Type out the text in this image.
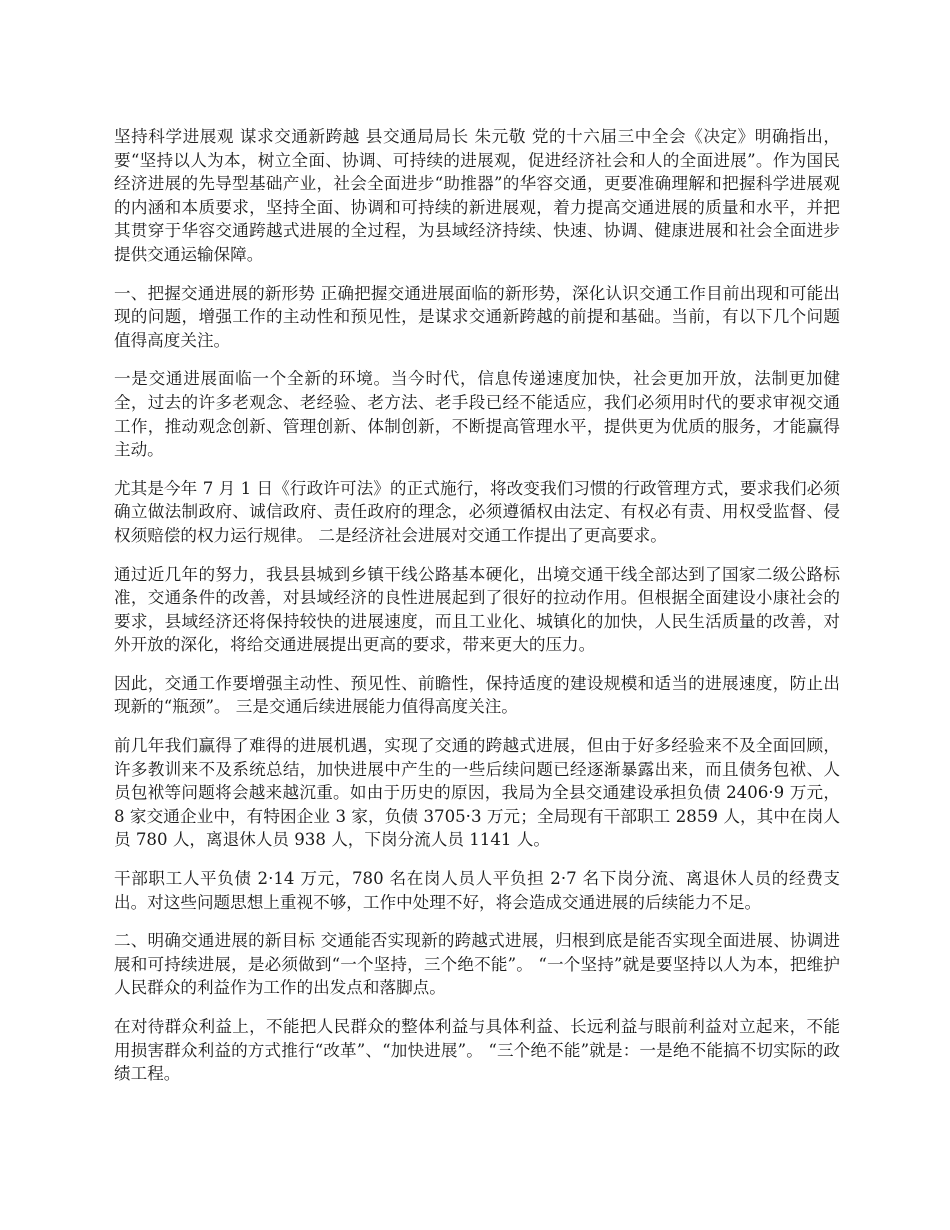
坚持科学进展观 谋求交通新跨越 县交通局局长 朱元敬 党的十六届三中全会《决定》明确指出，要“坚持以人为本，树立全面、协调、可持续的进展观，促进经济社会和人的全面进展”。作为国民经济进展的先导型基础产业，社会全面进步“助推器”的华容交通，更要准确理解和把握科学进展观的内涵和本质要求，坚持全面、协调和可持续的新进展观，着力提高交通进展的质量和水平，并把其贯穿于华容交通跨越式进展的全过程，为县域经济持续、快速、协调、健康进展和社会全面进步提供交通运输保障。

一、把握交通进展的新形势 正确把握交通进展面临的新形势，深化认识交通工作目前出现和可能出现的问题，增强工作的主动性和预见性，是谋求交通新跨越的前提和基础。当前，有以下几个问题值得高度关注。

一是交通进展面临一个全新的环境。当今时代，信息传递速度加快，社会更加开放，法制更加健全，过去的许多老观念、老经验、老方法、老手段已经不能适应，我们必须用时代的要求审视交通工作，推动观念创新、管理创新、体制创新，不断提高管理水平，提供更为优质的服务，才能赢得主动。

尤其是今年 7 月 1 日《行政许可法》的正式施行，将改变我们习惯的行政管理方式，要求我们必须确立做法制政府、诚信政府、责任政府的理念，必须遵循权由法定、有权必有责、用权受监督、侵权须赔偿的权力运行规律。 二是经济社会进展对交通工作提出了更高要求。

通过近几年的努力，我县县城到乡镇干线公路基本硬化，出境交通干线全部达到了国家二级公路标准，交通条件的改善，对县域经济的良性进展起到了很好的拉动作用。但根据全面建设小康社会的要求，县域经济还将保持较快的进展速度，而且工业化、城镇化的加快，人民生活质量的改善，对外开放的深化，将给交通进展提出更高的要求，带来更大的压力。

因此，交通工作要增强主动性、预见性、前瞻性，保持适度的建设规模和适当的进展速度，防止出现新的“瓶颈”。 三是交通后续进展能力值得高度关注。

前几年我们赢得了难得的进展机遇，实现了交通的跨越式进展，但由于好多经验来不及全面回顾，许多教训来不及系统总结，加快进展中产生的一些后续问题已经逐渐暴露出来，而且债务包袱、人员包袱等问题将会越来越沉重。如由于历史的原因，我局为全县交通建设承担负债 2406·9 万元，8 家交通企业中，有特困企业 3 家，负债 3705·3 万元；全局现有干部职工 2859 人，其中在岗人员 780 人，离退休人员 938 人，下岗分流人员 1141 人。

干部职工人平负债 2·14 万元，780 名在岗人员人平负担 2·7 名下岗分流、离退休人员的经费支出。对这些问题思想上重视不够，工作中处理不好，将会造成交通进展的后续能力不足。

二、明确交通进展的新目标 交通能否实现新的跨越式进展，归根到底是能否实现全面进展、协调进展和可持续进展，是必须做到“一个坚持，三个绝不能”。 “一个坚持”就是要坚持以人为本，把维护人民群众的利益作为工作的出发点和落脚点。

在对待群众利益上，不能把人民群众的整体利益与具体利益、长远利益与眼前利益对立起来，不能用损害群众利益的方式推行“改革”、“加快进展”。 “三个绝不能”就是：一是绝不能搞不切实际的政绩工程。
